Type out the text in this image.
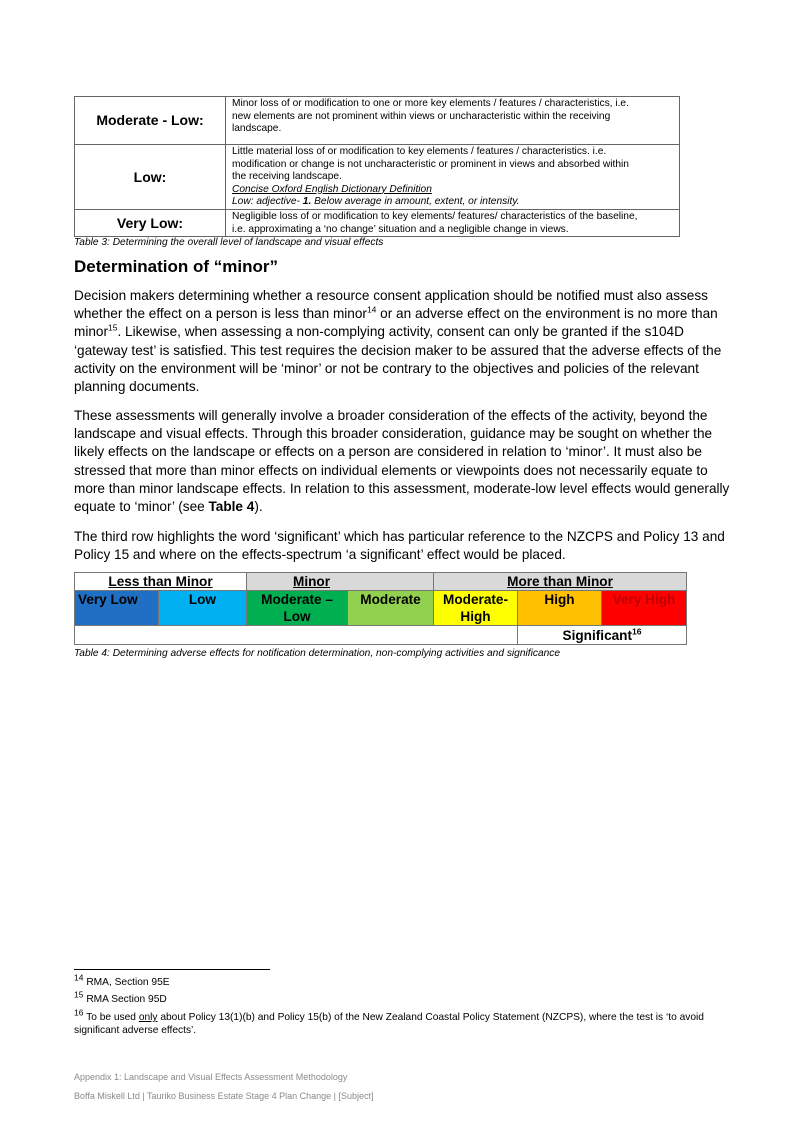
Moderate - Low:	Minor loss of or modification to one or more key elements / features / characteristics, i.e.
new elements are not prominent within views or uncharacteristic within the receiving
landscape.

Low:	Little material loss of or modification to key elements / features / characteristics. i.e.
modification or change is not uncharacteristic or prominent in views and absorbed within
the receiving landscape.
Concise Oxford English Dictionary Definition
Low: adjective- 1. Below average in amount, extent, or intensity.

Very Low:	Negligible loss of or modification to key elements/ features/ characteristics of the baseline,
i.e. approximating a ‘no change’ situation and a negligible change in views.
Table 3: Determining the overall level of landscape and visual effects
Determination of “minor”

Decision makers determining whether a resource consent application should be notified must also assess whether the effect on a person is less than minor$^{14}$ or an adverse effect on the environment is no more than minor$^{15}$. Likewise, when assessing a non-complying activity, consent can only be granted if the s104D ‘gateway test’ is satisfied. This test requires the decision maker to be assured that the adverse effects of the activity on the environment will be ‘minor’ or not be contrary to the objectives and policies of the relevant planning documents.

These assessments will generally involve a broader consideration of the effects of the activity, beyond the landscape and visual effects. Through this broader consideration, guidance may be sought on whether the likely effects on the landscape or effects on a person are considered in relation to ‘minor’. It must also be stressed that more than minor effects on individual elements or viewpoints does not necessarily equate to more than minor landscape effects. In relation to this assessment, moderate-low level effects would generally equate to ‘minor’ (see Table 4).

The third row highlights the word ‘significant’ which has particular reference to the NZCPS and Policy 13 and Policy 15 and where on the effects-spectrum ‘a significant’ effect would be placed.

Less than Minor		Minor		More than Minor		
Very Low	Low	Moderate – Low	Moderate	Moderate- High	High	Very High
					Significant$^{16}$
Table 4: Determining adverse effects for notification determination, non-complying activities and significance
$^{14}$ RMA, Section 95E
$^{15}$ RMA Section 95D
$^{16}$ To be used only about Policy 13(1)(b) and Policy 15(b) of the New Zealand Coastal Policy Statement (NZCPS), where the test is ‘to avoid significant adverse effects’.
Appendix 1: Landscape and Visual Effects Assessment Methodology
Boffa Miskell Ltd | Tauriko Business Estate Stage 4 Plan Change | [Subject]
